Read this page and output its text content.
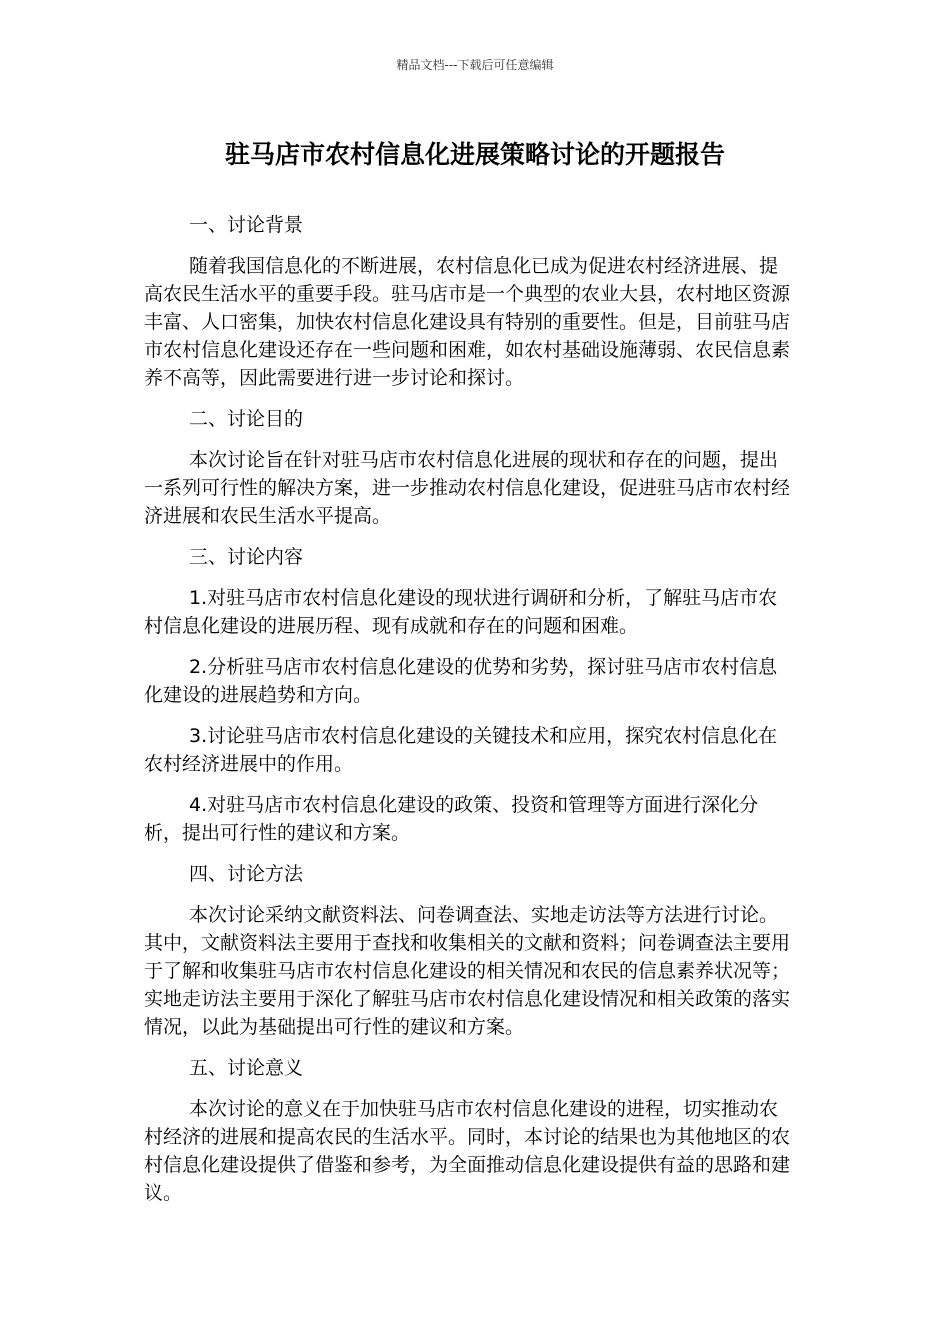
精品文档---下载后可任意编辑
驻马店市农村信息化进展策略讨论的开题报告
一、讨论背景

随着我国信息化的不断进展，农村信息化已成为促进农村经济进展、提高农民生活水平的重要手段。驻马店市是一个典型的农业大县，农村地区资源丰富、人口密集，加快农村信息化建设具有特别的重要性。但是，目前驻马店市农村信息化建设还存在一些问题和困难，如农村基础设施薄弱、农民信息素养不高等，因此需要进行进一步讨论和探讨。

二、讨论目的

本次讨论旨在针对驻马店市农村信息化进展的现状和存在的问题，提出一系列可行性的解决方案，进一步推动农村信息化建设，促进驻马店市农村经济进展和农民生活水平提高。

三、讨论内容

1.对驻马店市农村信息化建设的现状进行调研和分析，了解驻马店市农村信息化建设的进展历程、现有成就和存在的问题和困难。

2.分析驻马店市农村信息化建设的优势和劣势，探讨驻马店市农村信息化建设的进展趋势和方向。

3.讨论驻马店市农村信息化建设的关键技术和应用，探究农村信息化在农村经济进展中的作用。

4.对驻马店市农村信息化建设的政策、投资和管理等方面进行深化分析，提出可行性的建议和方案。

四、讨论方法

本次讨论采纳文献资料法、问卷调查法、实地走访法等方法进行讨论。其中，文献资料法主要用于查找和收集相关的文献和资料；问卷调查法主要用于了解和收集驻马店市农村信息化建设的相关情况和农民的信息素养状况等；实地走访法主要用于深化了解驻马店市农村信息化建设情况和相关政策的落实情况，以此为基础提出可行性的建议和方案。

五、讨论意义

本次讨论的意义在于加快驻马店市农村信息化建设的进程，切实推动农村经济的进展和提高农民的生活水平。同时，本讨论的结果也为其他地区的农村信息化建设提供了借鉴和参考，为全面推动信息化建设提供有益的思路和建议。
